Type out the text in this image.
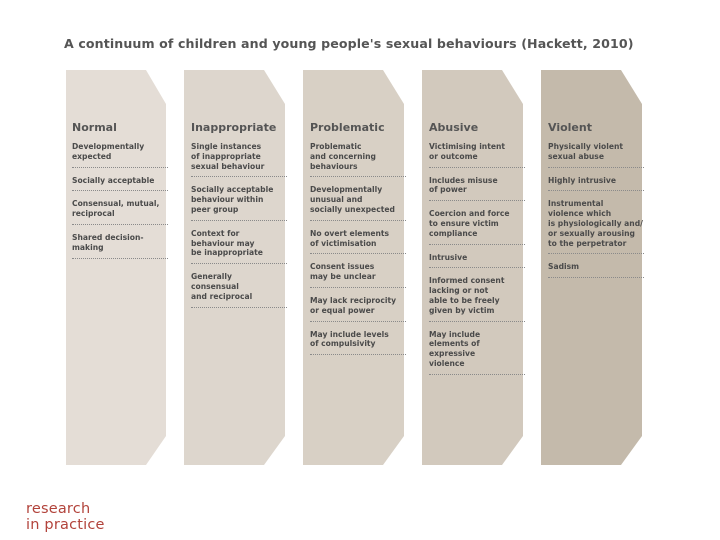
A continuum of children and young people's sexual behaviours (Hackett, 2010)
Normal
Developmentally
expected
Socially acceptable
Consensual, mutual,
reciprocal
Shared decision-
making
Inappropriate
Single instances
of inappropriate
sexual behaviour
Socially acceptable
behaviour within
peer group
Context for
behaviour may
be inappropriate
Generally
consensual
and reciprocal
Problematic
Problematic
and concerning
behaviours
Developmentally
unusual and
socially unexpected
No overt elements
of victimisation
Consent issues
may be unclear
May lack reciprocity
or equal power
May include levels
of compulsivity
Abusive
Victimising intent
or outcome
Includes misuse
of power
Coercion and force
to ensure victim
compliance
Intrusive
Informed consent
lacking or not
able to be freely
given by victim
May include
elements of
expressive
violence
Violent
Physically violent
sexual abuse
Highly intrusive
Instrumental
violence which
is physiologically and/
or sexually arousing
to the perpetrator
Sadism
research
in practice
